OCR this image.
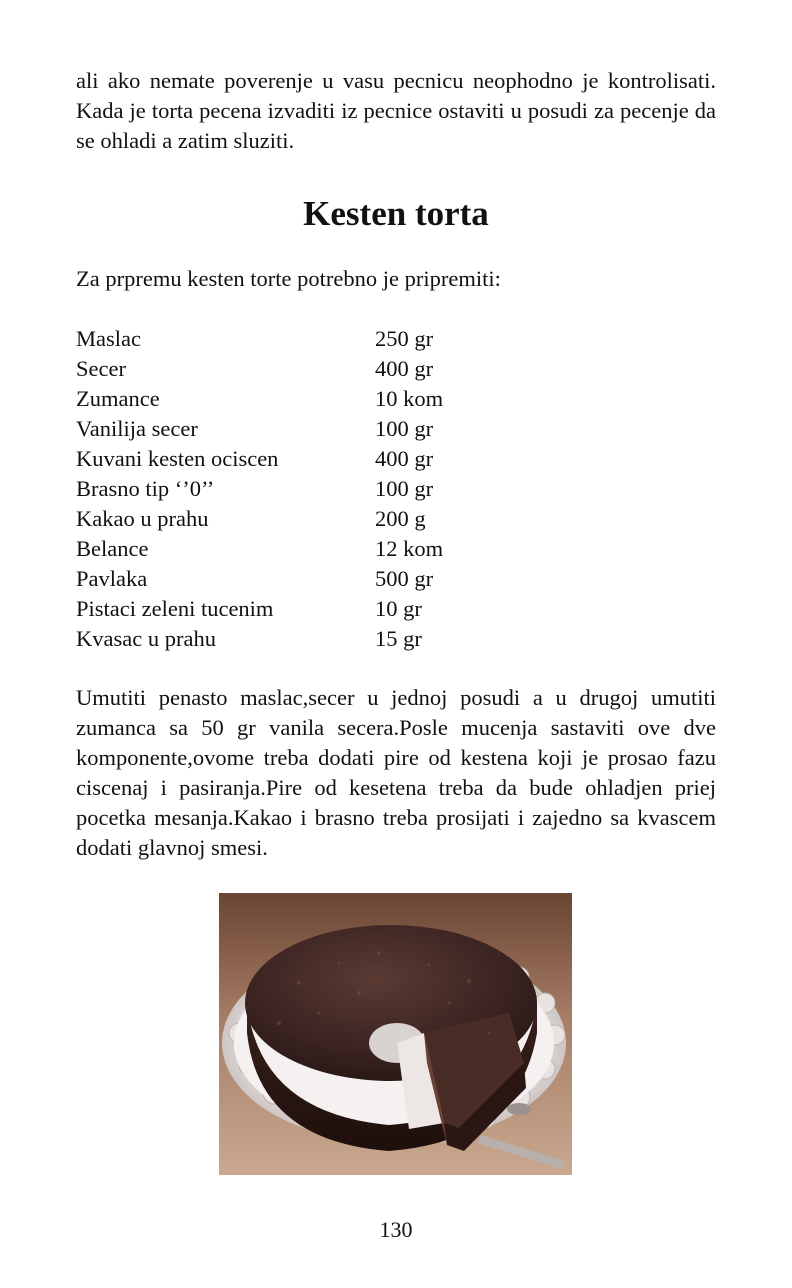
ali ako nemate poverenje u vasu pecnicu neophodno je kontrolisati. Kada je torta pecena izvaditi iz pecnice ostaviti u posudi za pecenje da se ohladi a zatim sluziti.

Kesten torta

Za prpremu kesten torte potrebno je pripremiti:

Maslac	250 gr
Secer	400 gr
Zumance	10 kom
Vanilija secer	100 gr
Kuvani kesten ociscen	400 gr
Brasno tip ‘’0’’	100 gr
Kakao u prahu	200 g
Belance	12 kom
Pavlaka	500 gr
Pistaci zeleni tucenim	10 gr
Kvasac u prahu	15 gr

Umutiti penasto maslac,secer u jednoj posudi a u drugoj umutiti zumanca sa 50 gr vanila secera.Posle mucenja sastaviti ove dve komponente,ovome treba dodati pire od kestena koji je prosao fazu ciscenaj i pasiranja.Pire od kesetena treba da bude ohladjen priej pocetka mesanja.Kakao i brasno treba prosijati i zajedno sa kvascem dodati glavnoj smesi.

130
